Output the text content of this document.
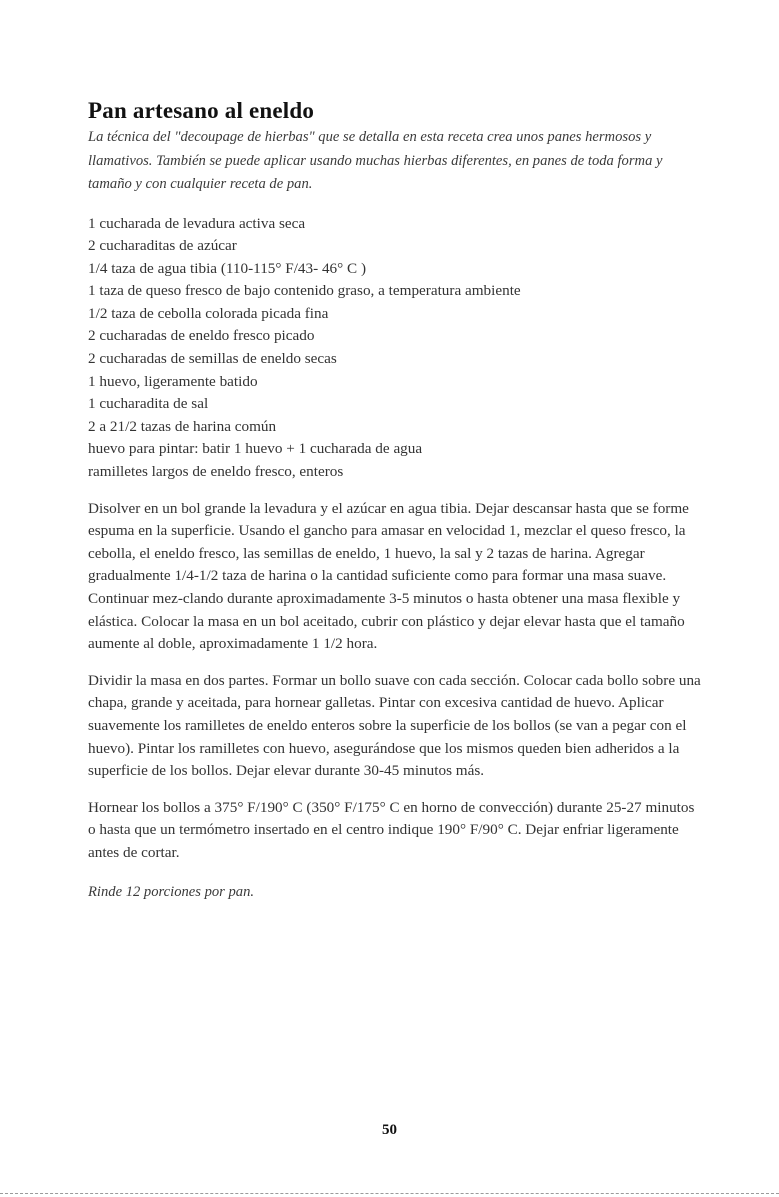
Pan artesano al eneldo

La técnica del "decoupage de hierbas" que se detalla en esta receta crea unos panes hermosos y llamativos. También se puede aplicar usando muchas hierbas diferentes, en panes de toda forma y tamaño y con cualquier receta de pan.

1 cucharada de levadura activa seca
2 cucharaditas de azúcar
1/4 taza de agua tibia (110-115° F/43- 46° C )
1 taza de queso fresco de bajo contenido graso, a temperatura ambiente
1/2 taza de cebolla colorada picada fina
2 cucharadas de eneldo fresco picado
2 cucharadas de semillas de eneldo secas
1 huevo, ligeramente batido
1 cucharadita de sal
2 a 21/2 tazas de harina común
huevo para pintar: batir 1 huevo + 1 cucharada de agua
ramilletes largos de eneldo fresco, enteros

Disolver en un bol grande la levadura y el azúcar en agua tibia. Dejar descansar hasta que se forme espuma en la superficie. Usando el gancho para amasar en velocidad 1, mezclar el queso fresco, la cebolla, el eneldo fresco, las semillas de eneldo, 1 huevo, la sal y 2 tazas de harina. Agregar gradualmente 1/4-1/2 taza de harina o la cantidad suficiente como para formar una masa suave. Continuar mez-clando durante aproximadamente 3-5 minutos o hasta obtener una masa flexible y elástica. Colocar la masa en un bol aceitado, cubrir con plástico y dejar elevar hasta que el tamaño aumente al doble, aproximadamente 1 1/2 hora.

Dividir la masa en dos partes. Formar un bollo suave con cada sección. Colocar cada bollo sobre una chapa, grande y aceitada, para hornear galletas. Pintar con excesiva cantidad de huevo. Aplicar suavemente los ramilletes de eneldo enteros sobre la superficie de los bollos (se van a pegar con el huevo). Pintar los ramilletes con huevo, asegurándose que los mismos queden bien adheridos a la superficie de los bollos. Dejar elevar durante 30-45 minutos más.

Hornear los bollos a 375° F/190° C (350° F/175° C en horno de convección) durante 25-27 minutos o hasta que un termómetro insertado en el centro indique 190° F/90° C. Dejar enfriar ligeramente antes de cortar.

Rinde 12 porciones por pan.

50
